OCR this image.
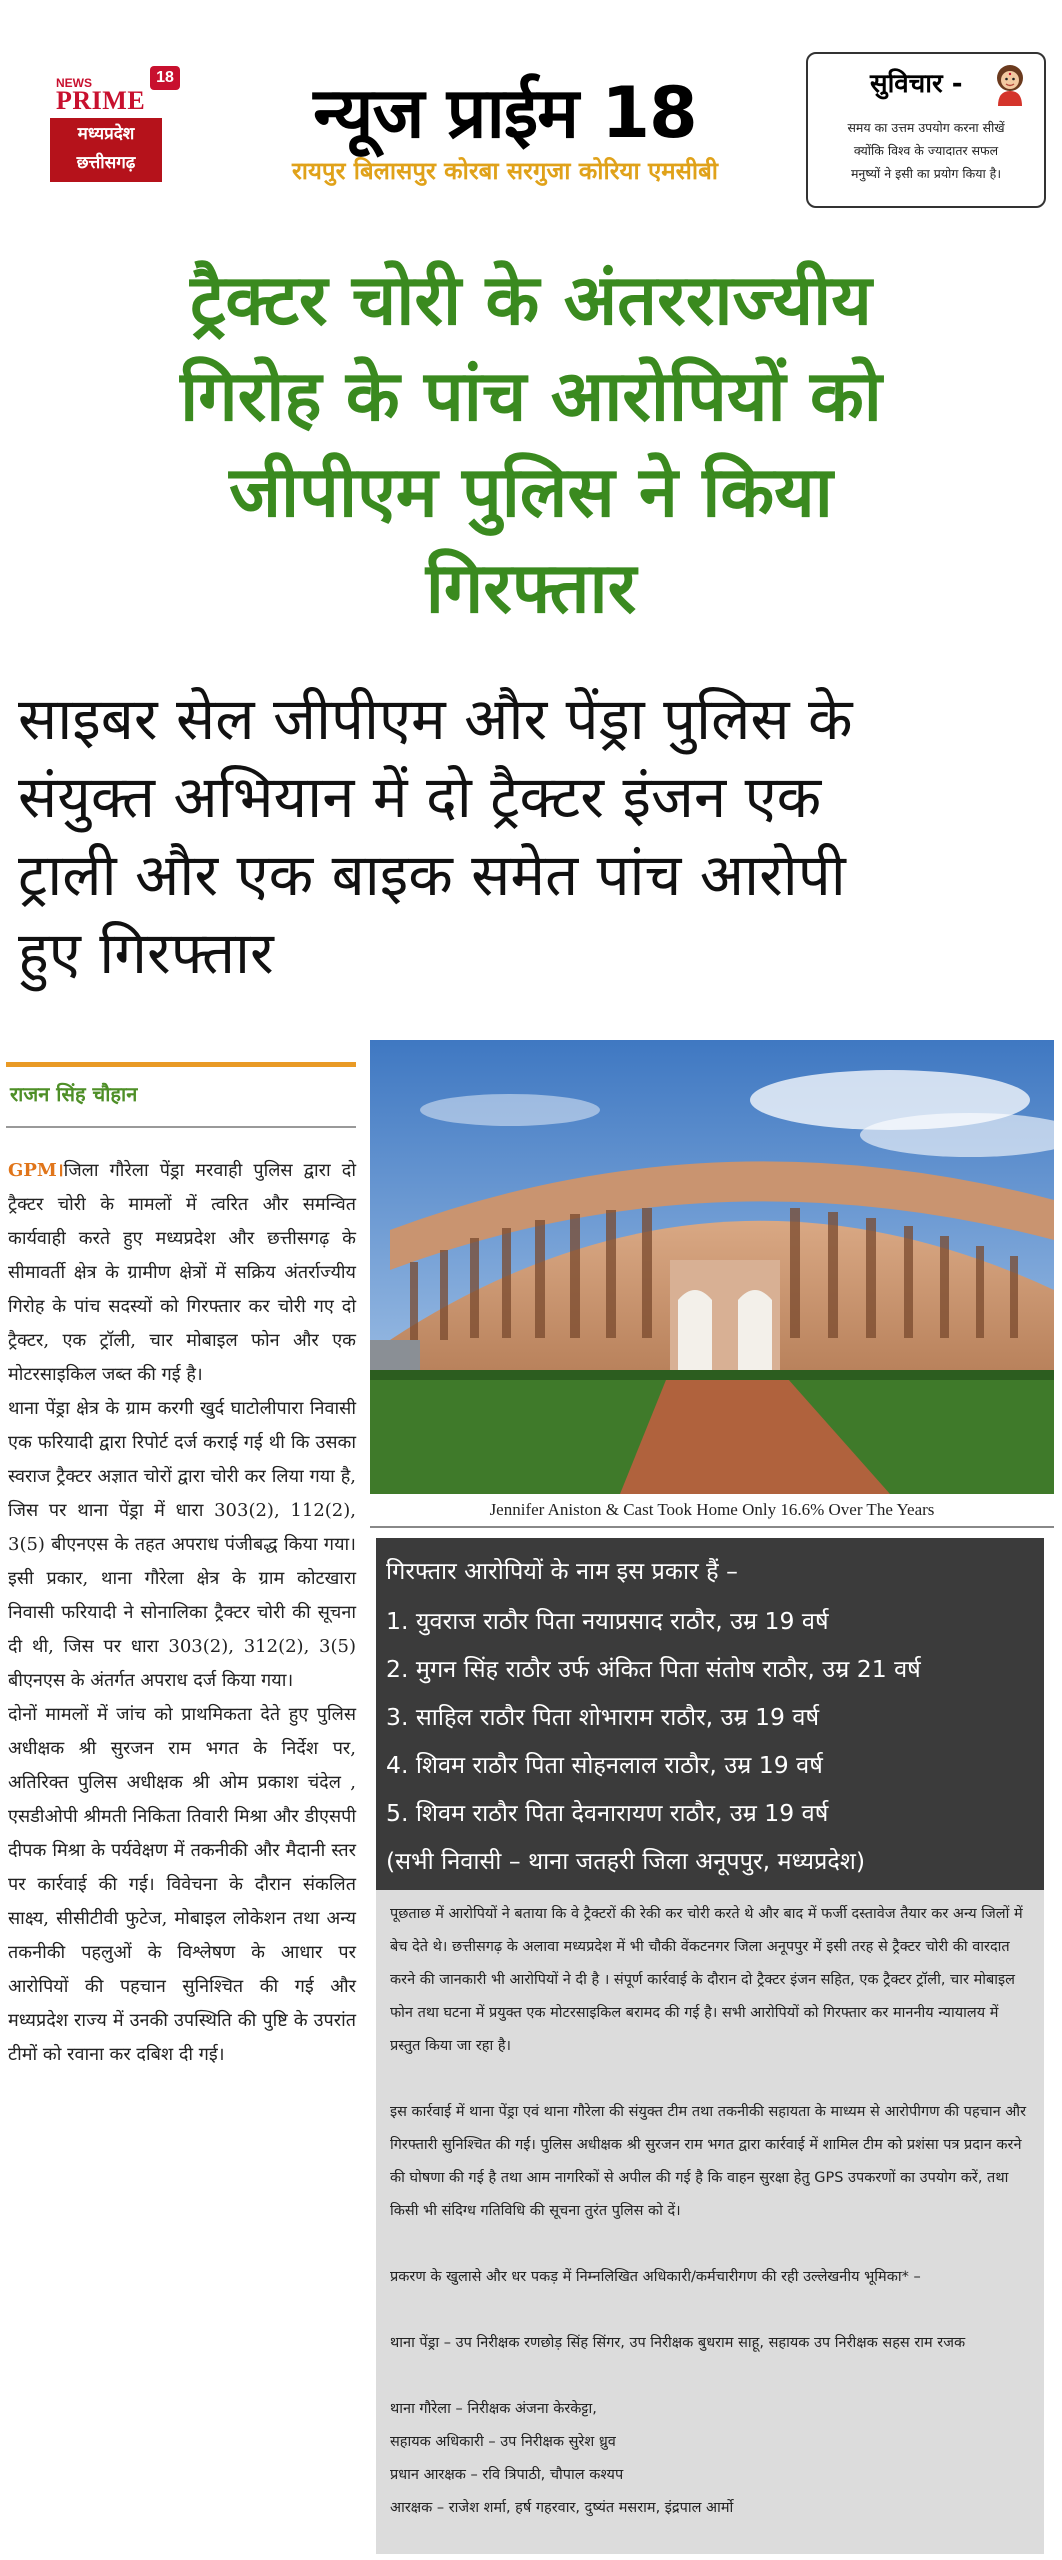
NEWS
PRIME
18
मध्यप्रदेश
छत्तीसगढ़
न्यूज प्राईम 18
रायपुर बिलासपुर कोरबा सरगुजा कोरिया एमसीबी
सुविचार -
समय का उत्तम उपयोग करना सीखें
क्योंकि विश्व के ज्यादातर सफल
मनुष्यों ने इसी का प्रयोग किया है।
ट्रैक्टर चोरी के अंतरराज्यीय
गिरोह के पांच आरोपियों को
जीपीएम पुलिस ने किया
गिरफ्तार
साइबर सेल जीपीएम और पेंड्रा पुलिस के
संयुक्त अभियान में दो ट्रैक्टर इंजन एक
ट्राली और एक बाइक समेत पांच आरोपी
हुए गिरफ्तार
राजन सिंह चौहान

GPM।जिला गौरेला पेंड्रा मरवाही पुलिस द्वारा दो ट्रैक्टर चोरी के मामलों में त्वरित और समन्वित कार्यवाही करते हुए मध्यप्रदेश और छत्तीसगढ़ के सीमावर्ती क्षेत्र के ग्रामीण क्षेत्रों में सक्रिय अंतर्राज्यीय गिरोह के पांच सदस्यों को गिरफ्तार कर चोरी गए दो ट्रैक्टर, एक ट्रॉली, चार मोबाइल फोन और एक मोटरसाइकिल जब्त की गई है।

थाना पेंड्रा क्षेत्र के ग्राम करगी खुर्द घाटोलीपारा निवासी एक फरियादी द्वारा रिपोर्ट दर्ज कराई गई थी कि उसका स्वराज ट्रैक्टर अज्ञात चोरों द्वारा चोरी कर लिया गया है, जिस पर थाना पेंड्रा में धारा 303(2), 112(2), 3(5) बीएनएस के तहत अपराध पंजीबद्ध किया गया। इसी प्रकार, थाना गौरेला क्षेत्र के ग्राम कोटखारा निवासी फरियादी ने सोनालिका ट्रैक्टर चोरी की सूचना दी थी, जिस पर धारा 303(2), 312(2), 3(5) बीएनएस के अंतर्गत अपराध दर्ज किया गया।

दोनों मामलों में जांच को प्राथमिकता देते हुए पुलिस अधीक्षक श्री सुरजन राम भगत के निर्देश पर, अतिरिक्त पुलिस अधीक्षक श्री ओम प्रकाश चंदेल , एसडीओपी श्रीमती निकिता तिवारी मिश्रा और डीएसपी दीपक मिश्रा के पर्यवेक्षण में तकनीकी और मैदानी स्तर पर कार्रवाई की गई। विवेचना के दौरान संकलित साक्ष्य, सीसीटीवी फुटेज, मोबाइल लोकेशन तथा अन्य तकनीकी पहलुओं के विश्लेषण के आधार पर आरोपियों की पहचान सुनिश्चित की गई और मध्यप्रदेश राज्य में उनकी उपस्थिति की पुष्टि के उपरांत टीमों को रवाना कर दबिश दी गई।

Jennifer Aniston & Cast Took Home Only 16.6% Over The Years
गिरफ्तार आरोपियों के नाम इस प्रकार हैं –
1. युवराज राठौर पिता नयाप्रसाद राठौर, उम्र 19 वर्ष
2. मुगन सिंह राठौर उर्फ अंकित पिता संतोष राठौर, उम्र 21 वर्ष
3. साहिल राठौर पिता शोभाराम राठौर, उम्र 19 वर्ष
4. शिवम राठौर पिता सोहनलाल राठौर, उम्र 19 वर्ष
5. शिवम राठौर पिता देवनारायण राठौर, उम्र 19 वर्ष
(सभी निवासी – थाना जतहरी जिला अनूपपुर, मध्यप्रदेश)

पूछताछ में आरोपियों ने बताया कि वे ट्रैक्टरों की रेकी कर चोरी करते थे और बाद में फर्जी दस्तावेज तैयार कर अन्य जिलों में बेच देते थे। छत्तीसगढ़ के अलावा मध्यप्रदेश में भी चौकी वेंकटनगर जिला अनूपपुर में इसी तरह से ट्रैक्टर चोरी की वारदात करने की जानकारी भी आरोपियों ने दी है । संपूर्ण कार्रवाई के दौरान दो ट्रैक्टर इंजन सहित, एक ट्रैक्टर ट्रॉली, चार मोबाइल फोन तथा घटना में प्रयुक्त एक मोटरसाइकिल बरामद की गई है। सभी आरोपियों को गिरफ्तार कर माननीय न्यायालय में प्रस्तुत किया जा रहा है।

इस कार्रवाई में थाना पेंड्रा एवं थाना गौरेला की संयुक्त टीम तथा तकनीकी सहायता के माध्यम से आरोपीगण की पहचान और गिरफ्तारी सुनिश्चित की गई। पुलिस अधीक्षक श्री सुरजन राम भगत द्वारा कार्रवाई में शामिल टीम को प्रशंसा पत्र प्रदान करने की घोषणा की गई है तथा आम नागरिकों से अपील की गई है कि वाहन सुरक्षा हेतु GPS उपकरणों का उपयोग करें, तथा किसी भी संदिग्ध गतिविधि की सूचना तुरंत पुलिस को दें।

प्रकरण के खुलासे और धर पकड़ में निम्नलिखित अधिकारी/कर्मचारीगण की रही उल्लेखनीय भूमिका* –

थाना पेंड्रा – उप निरीक्षक रणछोड़ सिंह सिंगर, उप निरीक्षक बुधराम साहू, सहायक उप निरीक्षक सहस राम रजक

थाना गौरेला – निरीक्षक अंजना केरकेट्टा,

सहायक अधिकारी – उप निरीक्षक सुरेश ध्रुव

प्रधान आरक्षक – रवि त्रिपाठी, चौपाल कश्यप

आरक्षक – राजेश शर्मा, हर्ष गहरवार, दुष्यंत मसराम, इंद्रपाल आर्मो
